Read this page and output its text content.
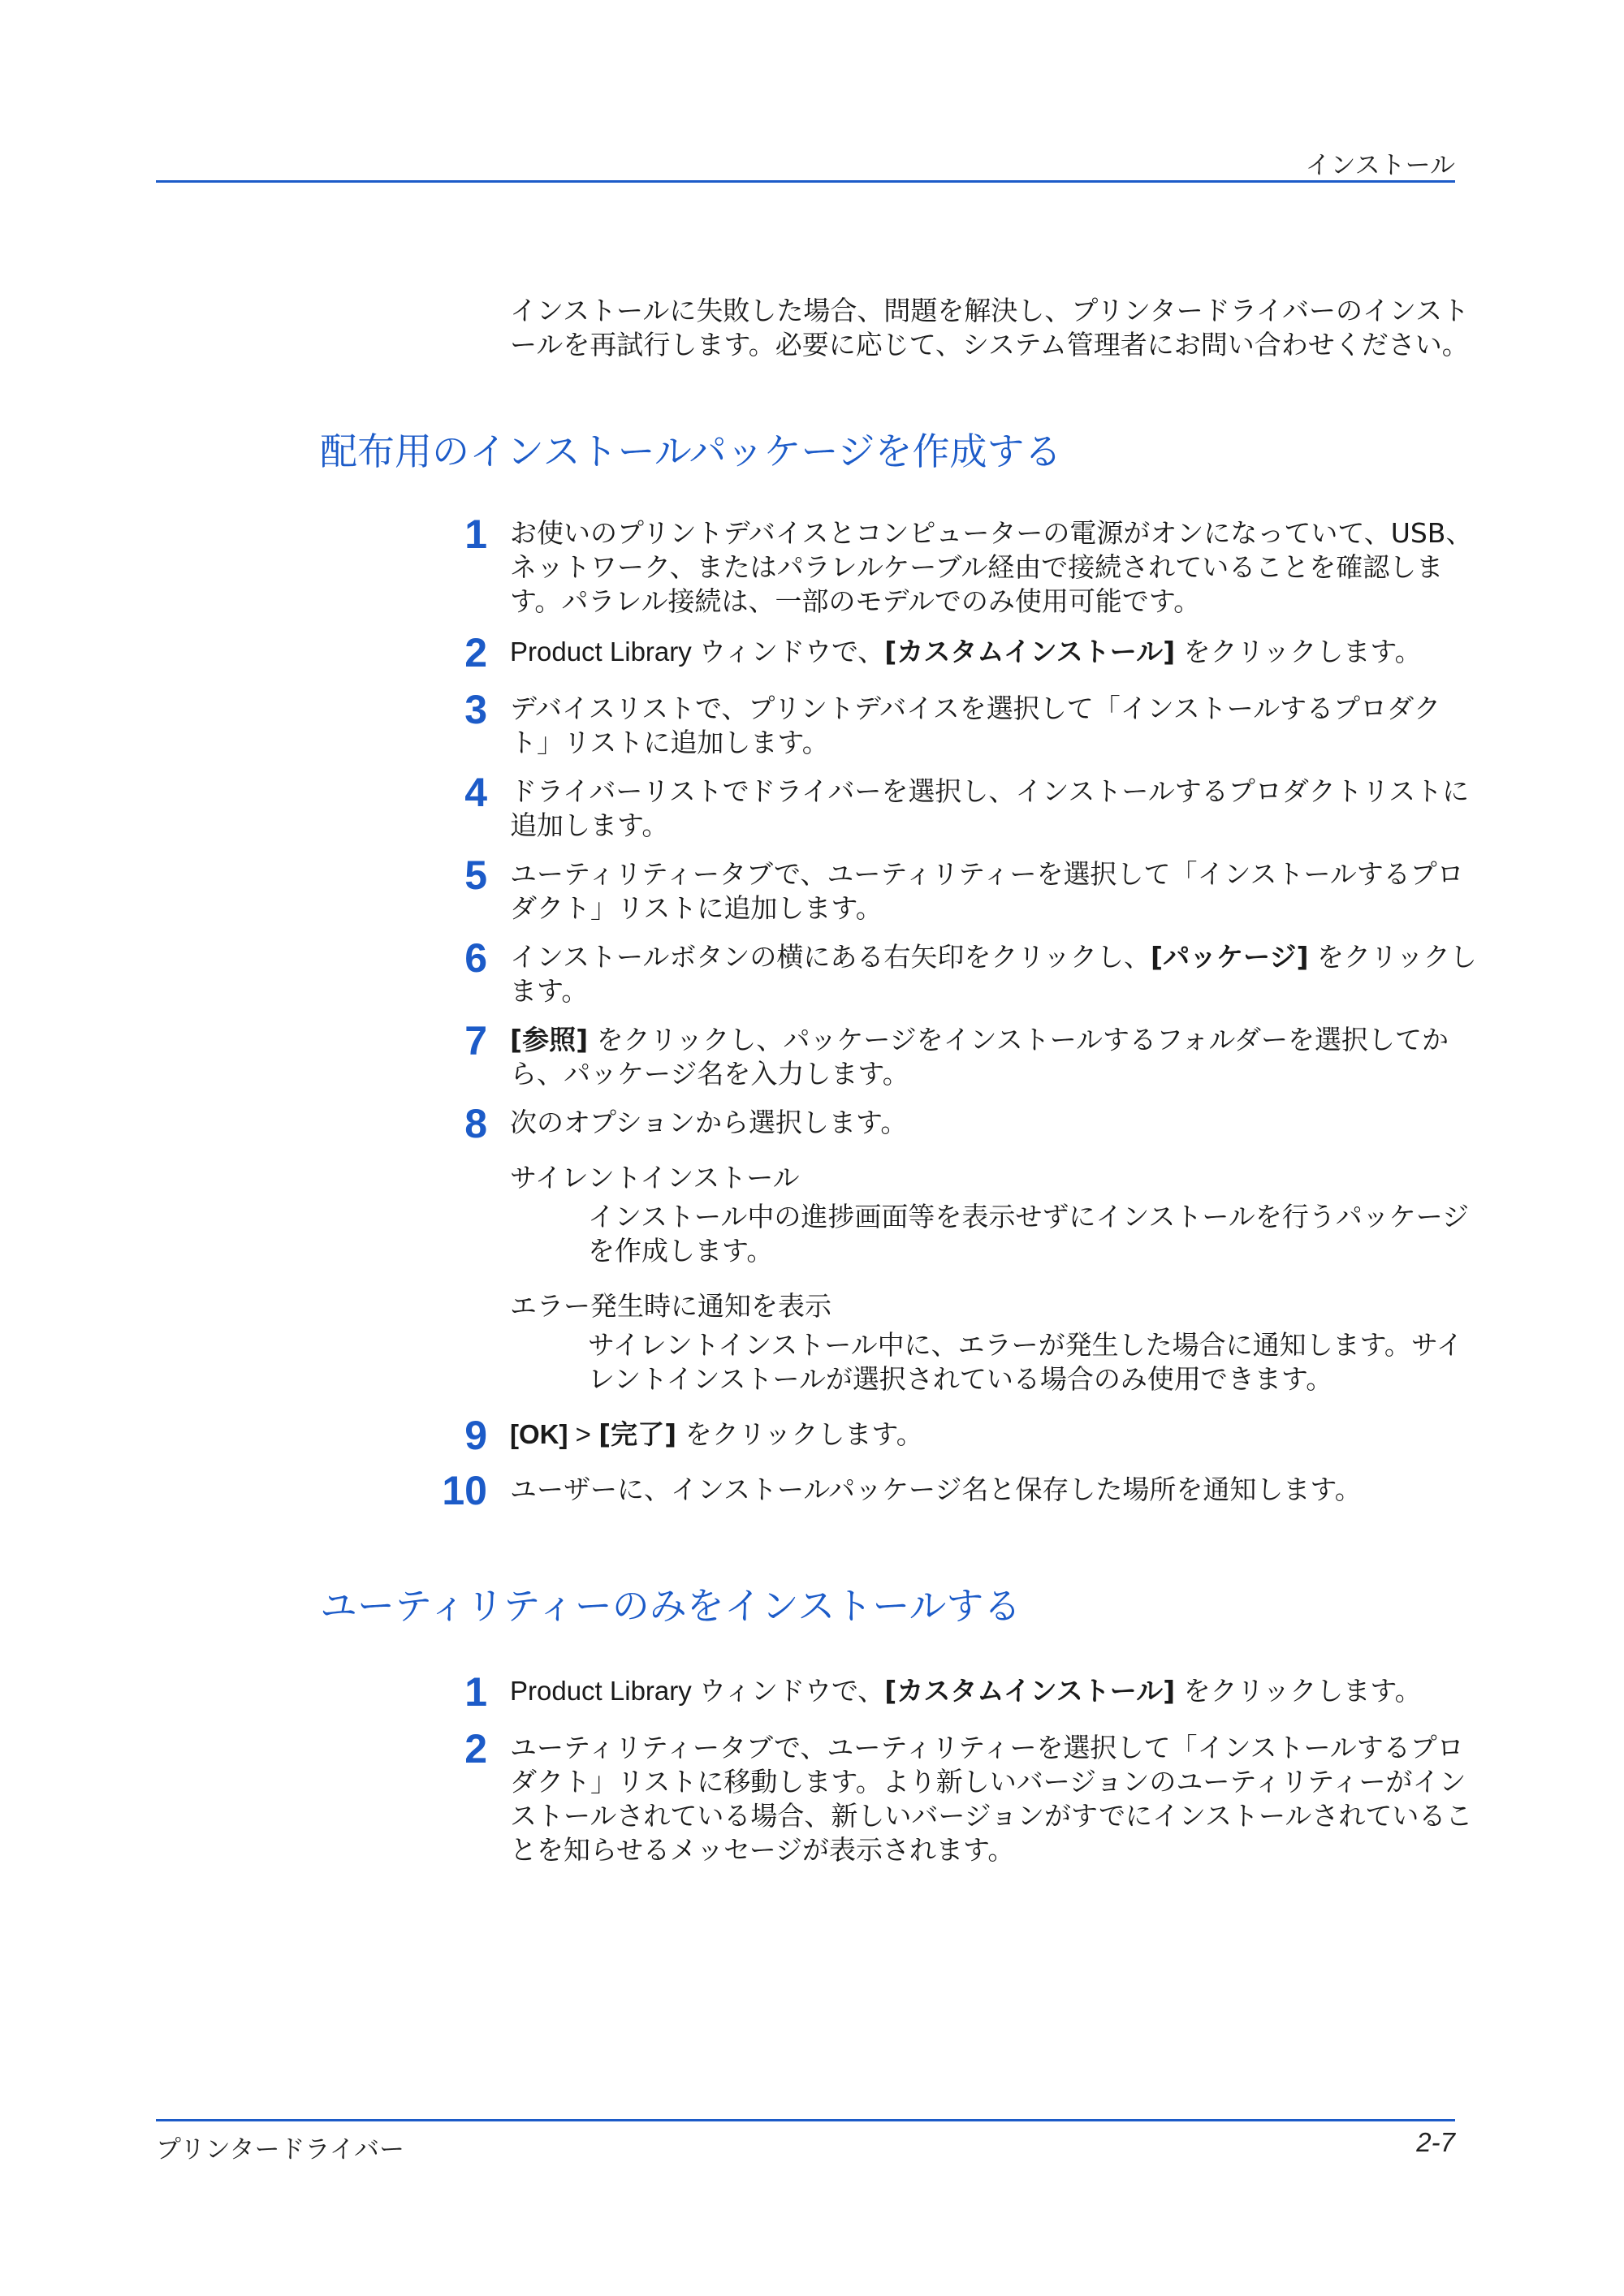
インストール
インストールに失敗した場合、問題を解決し、プリンタードライバーのインストールを再試行します。必要に応じて、システム管理者にお問い合わせください。
配布用のインストールパッケージを作成する
1 お使いのプリントデバイスとコンピューターの電源がオンになっていて、USB、ネットワーク、またはパラレルケーブル経由で接続されていることを確認します。パラレル接続は、一部のモデルでのみ使用可能です。
2 Product Library ウィンドウで、[カスタムインストール] をクリックします。
3 デバイスリストで、プリントデバイスを選択して「インストールするプロダクト」リストに追加します。
4 ドライバーリストでドライバーを選択し、インストールするプロダクトリストに追加します。
5 ユーティリティータブで、ユーティリティーを選択して「インストールするプロダクト」リストに追加します。
6 インストールボタンの横にある右矢印をクリックし、[パッケージ] をクリックします。
7 [参照] をクリックし、パッケージをインストールするフォルダーを選択してから、パッケージ名を入力します。
8 次のオプションから選択します。
サイレントインストール
インストール中の進捗画面等を表示せずにインストールを行うパッケージを作成します。
エラー発生時に通知を表示
サイレントインストール中に、エラーが発生した場合に通知します。サイレントインストールが選択されている場合のみ使用できます。
9 [OK] > [完了] をクリックします。
10 ユーザーに、インストールパッケージ名と保存した場所を通知します。
ユーティリティーのみをインストールする
1 Product Library ウィンドウで、[カスタムインストール] をクリックします。
2 ユーティリティータブで、ユーティリティーを選択して「インストールするプロダクト」リストに移動します。より新しいバージョンのユーティリティーがインストールされている場合、新しいバージョンがすでにインストールされていることを知らせるメッセージが表示されます。
プリンタードライバー	2-7
